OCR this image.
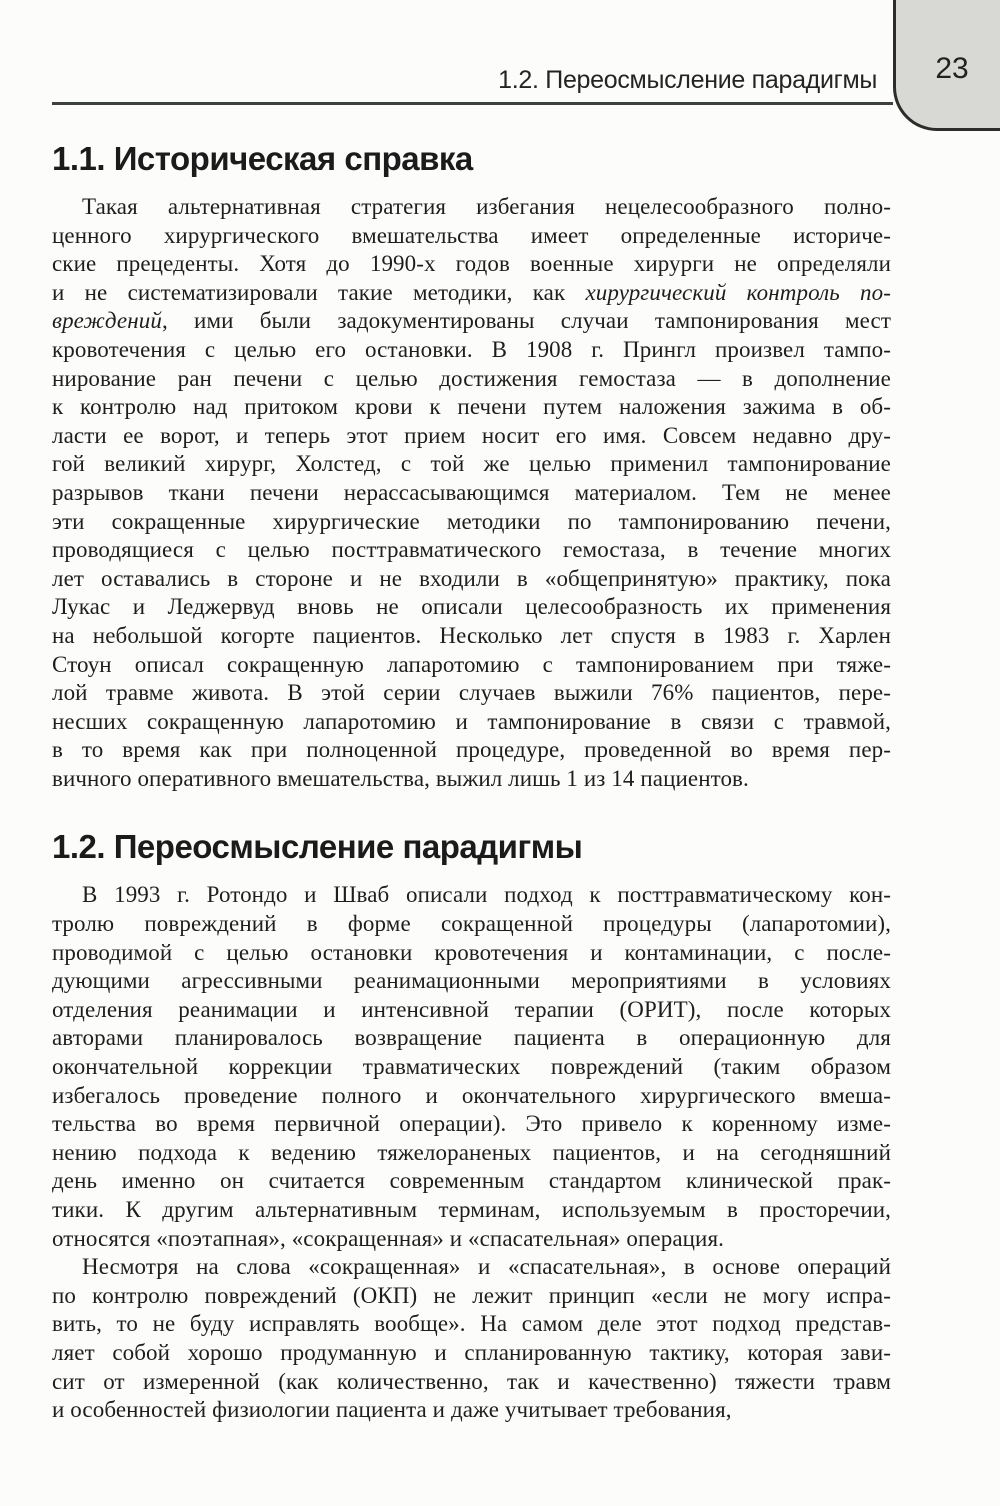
1.2. Переосмысление парадигмы	23
1.1. Историческая справка
Такая альтернативная стратегия избегания нецелесообразного полно-
ценного хирургического вмешательства имеет определенные историче-
ские прецеденты. Хотя до 1990-х годов военные хирурги не определяли
и не систематизировали такие методики, как хирургический контроль по-
вреждений, ими были задокументированы случаи тампонирования мест
кровотечения с целью его остановки. В 1908 г. Прингл произвел тампо-
нирование ран печени с целью достижения гемостаза — в дополнение
к контролю над притоком крови к печени путем наложения зажима в об-
ласти ее ворот, и теперь этот прием носит его имя. Совсем недавно дру-
гой великий хирург, Холстед, с той же целью применил тампонирование
разрывов ткани печени нерассасывающимся материалом. Тем не менее
эти сокращенные хирургические методики по тампонированию печени,
проводящиеся с целью посттравматического гемостаза, в течение многих
лет оставались в стороне и не входили в «общепринятую» практику, пока
Лукас и Леджервуд вновь не описали целесообразность их применения
на небольшой когорте пациентов. Несколько лет спустя в 1983 г. Харлен
Стоун описал сокращенную лапаротомию с тампонированием при тяже-
лой травме живота. В этой серии случаев выжили 76% пациентов, пере-
несших сокращенную лапаротомию и тампонирование в связи с травмой,
в то время как при полноценной процедуре, проведенной во время пер-
вичного оперативного вмешательства, выжил лишь 1 из 14 пациентов.
1.2. Переосмысление парадигмы
В 1993 г. Ротондо и Шваб описали подход к посттравматическому кон-
тролю повреждений в форме сокращенной процедуры (лапаротомии),
проводимой с целью остановки кровотечения и контаминации, с после-
дующими агрессивными реанимационными мероприятиями в условиях
отделения реанимации и интенсивной терапии (ОРИТ), после которых
авторами планировалось возвращение пациента в операционную для
окончательной коррекции травматических повреждений (таким образом
избегалось проведение полного и окончательного хирургического вмеша-
тельства во время первичной операции). Это привело к коренному изме-
нению подхода к ведению тяжелораненых пациентов, и на сегодняшний
день именно он считается современным стандартом клинической прак-
тики. К другим альтернативным терминам, используемым в просторечии,
относятся «поэтапная», «сокращенная» и «спасательная» операция.
Несмотря на слова «сокращенная» и «спасательная», в основе операций
по контролю повреждений (ОКП) не лежит принцип «если не могу испра-
вить, то не буду исправлять вообще». На самом деле этот подход представ-
ляет собой хорошо продуманную и спланированную тактику, которая зави-
сит от измеренной (как количественно, так и качественно) тяжести травм
и особенностей физиологии пациента и даже учитывает требования,
